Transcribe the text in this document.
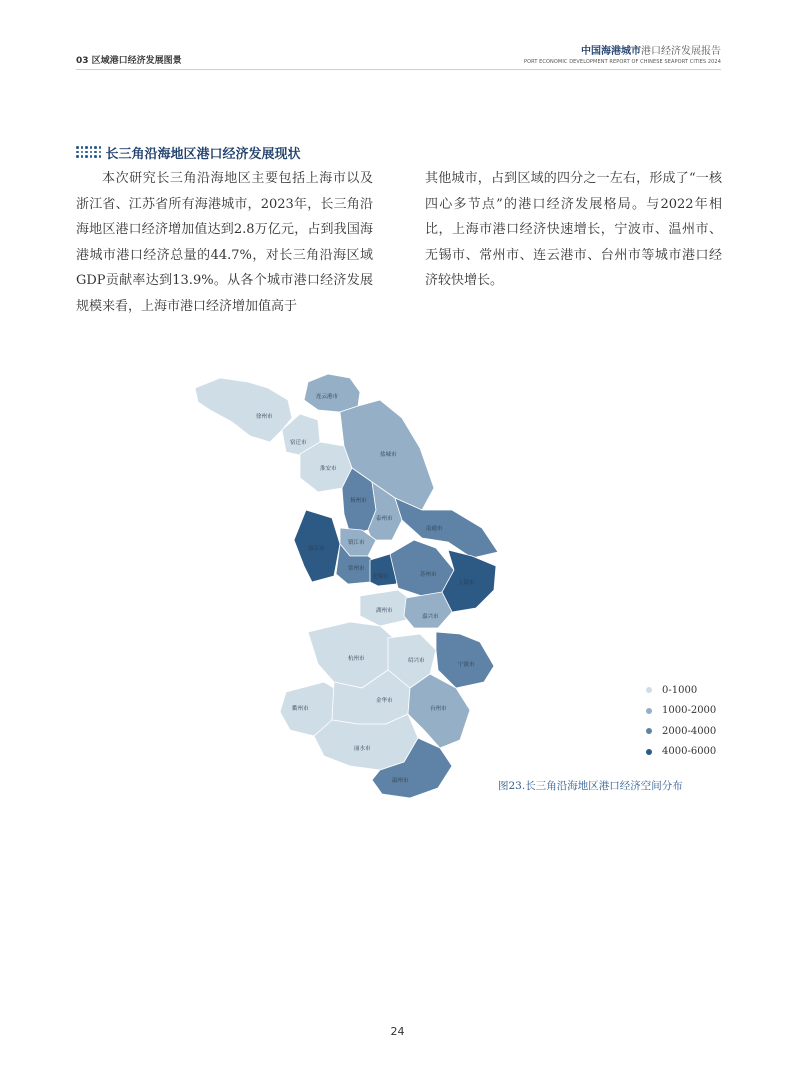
03 区域港口经济发展图景
中国海港城市港口经济发展报告
PORT ECONOMIC DEVELOPMENT REPORT OF CHINESE SEAPORT CITIES 2024
长三角沿海地区港口经济发展现状

本次研究长三角沿海地区主要包括上海市以及浙江省、江苏省所有海港城市，2023年，长三角沿海地区港口经济增加值达到2.8万亿元，占到我国海港城市港口经济总量的44.7%，对长三角沿海区域GDP贡献率达到13.9%。从各个城市港口经济发展规模来看，上海市港口经济增加值高于

其他城市，占到区域的四分之一左右，形成了“一核四心多节点”的港口经济发展格局。与2022年相比，上海市港口经济快速增长，宁波市、温州市、无锡市、常州市、连云港市、台州市等城市港口经济较快增长。

徐州市
连云港市
宿迁市
淮安市
盐城市
扬州市
泰州市
南通市
南京市
镇江市
常州市
无锡市	苏州市
上海市
湖州市
嘉兴市
杭州市	绍兴市
宁波市
衢州市
金华市
台州市
丽水市
温州市
0-1000
1000-2000
2000-4000
4000-6000
图23.长三角沿海地区港口经济空间分布
24
